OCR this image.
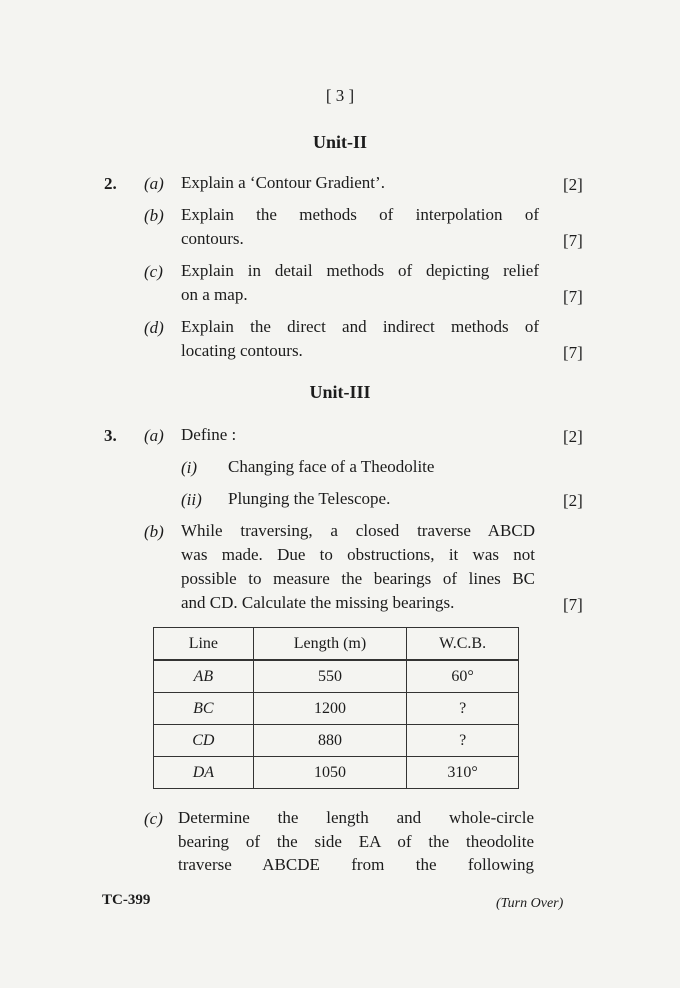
[ 3 ]
Unit-II
2. (a) Explain a ‘Contour Gradient’.	[2]
(b) Explain the methods of interpolation of
contours.	[7]
(c) Explain in detail methods of depicting relief
on a map.	[7]
(d) Explain the direct and indirect methods of
locating contours.	[7]
Unit-III
3. (a) Define :	[2]
(i) Changing face of a Theodolite
(ii) Plunging the Telescope.	[2]
(b) While traversing, a closed traverse ABCD
was made. Due to obstructions, it was not
possible to measure the bearings of lines BC
and CD. Calculate the missing bearings.	[7]
Line	Length (m)	W.C.B.
AB	550	60°
BC	1200	?
CD	880	?
DA	1050	310°
(c) Determine the length and whole-circle
bearing of the side EA of the theodolite
traverse ABCDE from the following
TC-399	(Turn Over)
